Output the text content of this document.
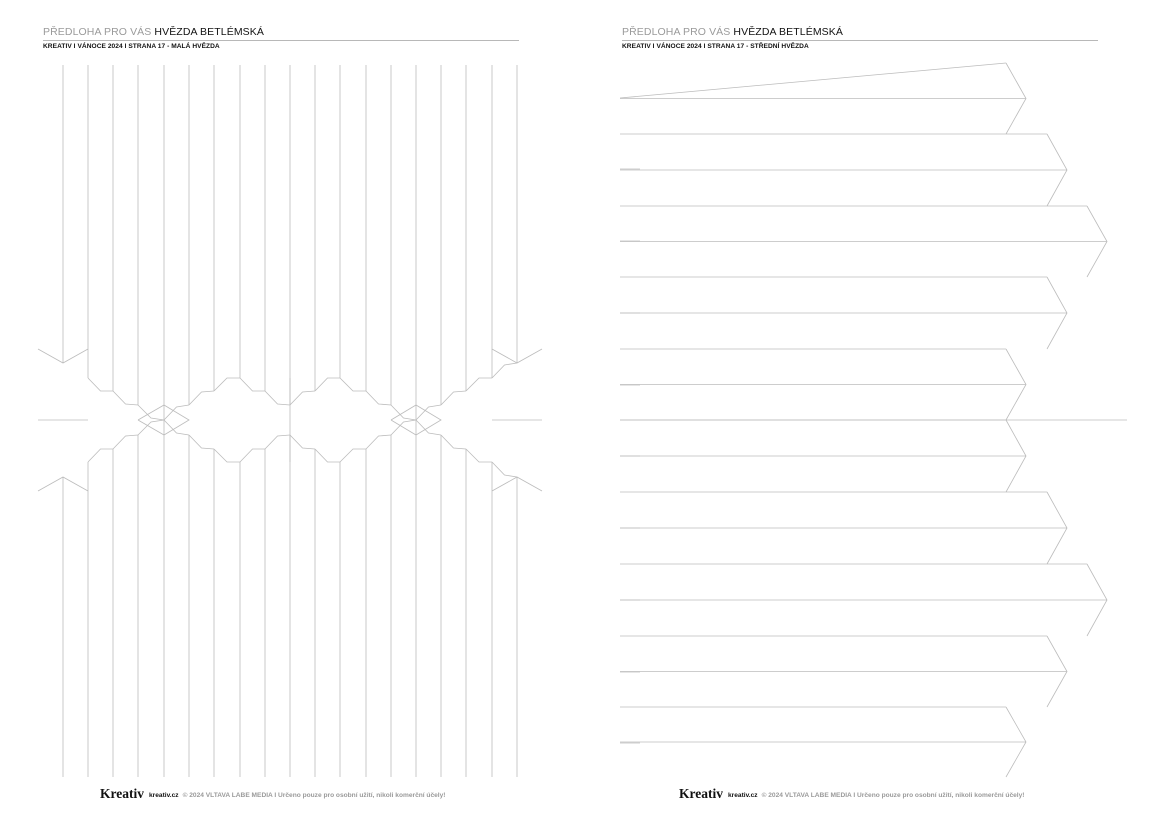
PŘEDLOHA PRO VÁS HVĚZDA BETLÉMSKÁ
KREATIV I VÁNOCE 2024 I STRANA 17 - MALÁ HVĚZDA
Kreativ kreativ.cz © 2024 VLTAVA LABE MEDIA I Určeno pouze pro osobní užití, nikoli komerční účely!
PŘEDLOHA PRO VÁS HVĚZDA BETLÉMSKÁ
KREATIV I VÁNOCE 2024 I STRANA 17 - STŘEDNÍ HVĚZDA
Kreativ kreativ.cz © 2024 VLTAVA LABE MEDIA I Určeno pouze pro osobní užití, nikoli komerční účely!
